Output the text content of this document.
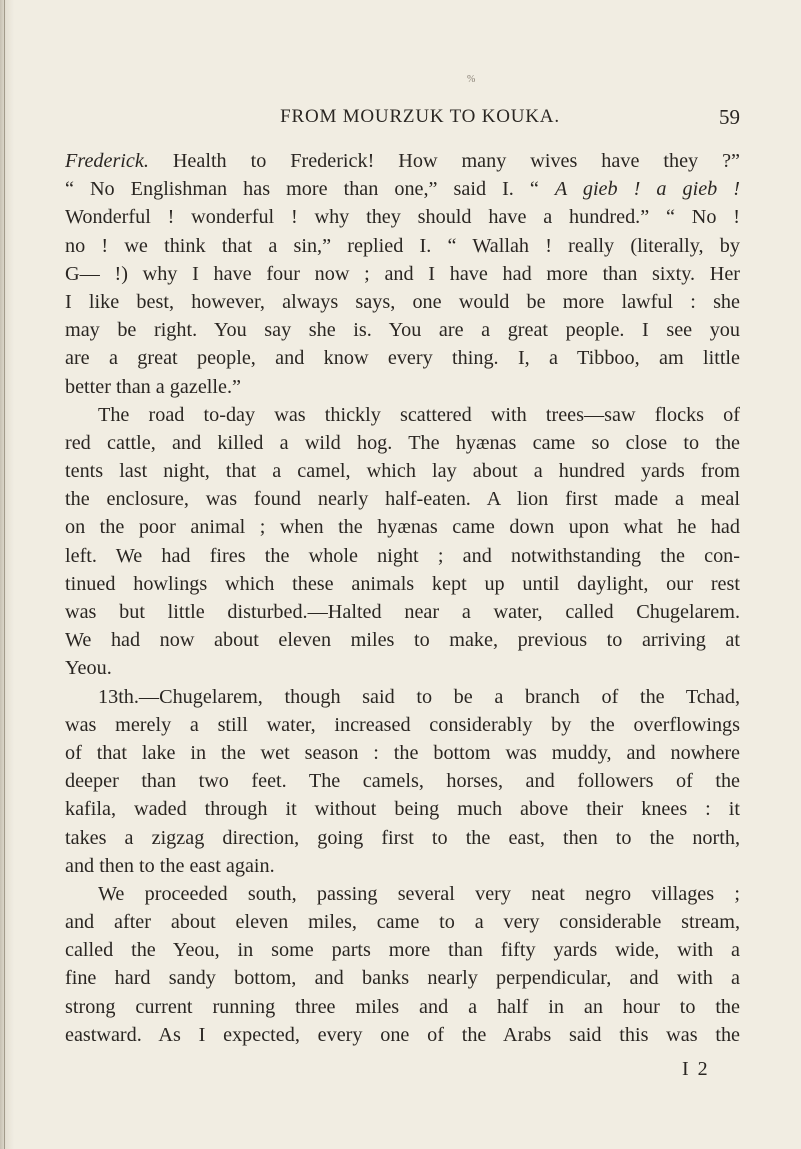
%
FROM MOURZUK TO KOUKA.	59
Frederick. Health to Frederick! How many wives have they ?”
“ No Englishman has more than one,” said I. “ A gieb ! a gieb !
Wonderful ! wonderful ! why they should have a hundred.” “ No !
no ! we think that a sin,” replied I. “ Wallah ! really (literally, by
G— !) why I have four now ; and I have had more than sixty. Her
I like best, however, always says, one would be more lawful : she
may be right. You say she is. You are a great people. I see you
are a great people, and know every thing. I, a Tibboo, am little
better than a gazelle.”
The road to-day was thickly scattered with trees—saw flocks of
red cattle, and killed a wild hog. The hyænas came so close to the
tents last night, that a camel, which lay about a hundred yards from
the enclosure, was found nearly half-eaten. A lion first made a meal
on the poor animal ; when the hyænas came down upon what he had
left. We had fires the whole night ; and notwithstanding the con-
tinued howlings which these animals kept up until daylight, our rest
was but little disturbed.—Halted near a water, called Chugelarem.
We had now about eleven miles to make, previous to arriving at
Yeou.
13th.—Chugelarem, though said to be a branch of the Tchad,
was merely a still water, increased considerably by the overflowings
of that lake in the wet season : the bottom was muddy, and nowhere
deeper than two feet. The camels, horses, and followers of the
kafila, waded through it without being much above their knees : it
takes a zigzag direction, going first to the east, then to the north,
and then to the east again.
We proceeded south, passing several very neat negro villages ;
and after about eleven miles, came to a very considerable stream,
called the Yeou, in some parts more than fifty yards wide, with a
fine hard sandy bottom, and banks nearly perpendicular, and with a
strong current running three miles and a half in an hour to the
eastward. As I expected, every one of the Arabs said this was the
I 2
